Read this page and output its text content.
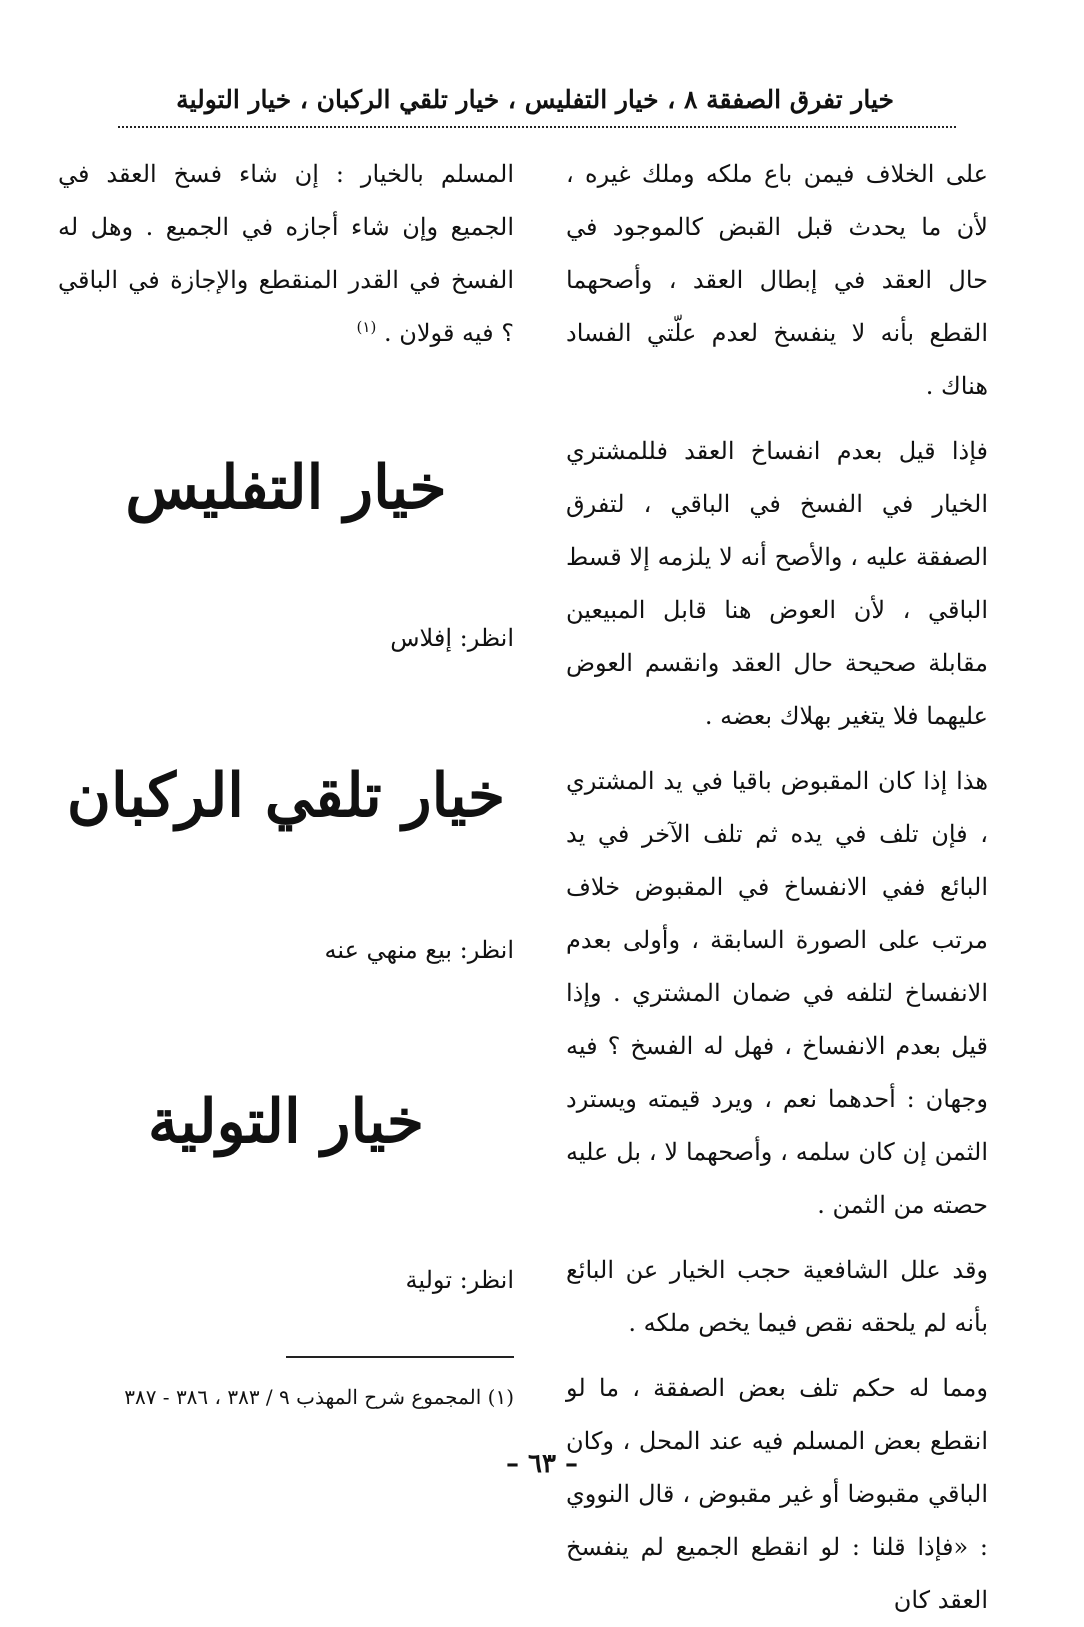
خيار تفرق الصفقة ٨ ، خيار التفليس ، خيار تلقي الركبان ، خيار التولية

على الخلاف فيمن باع ملكه وملك غيره ، لأن ما يحدث قبل القبض كالموجود في حال العقد في إبطال العقد ، وأصحهما القطع بأنه لا ينفسخ لعدم علّتي الفساد هناك .

فإذا قيل بعدم انفساخ العقد فللمشتري الخيار في الفسخ في الباقي ، لتفرق الصفقة عليه ، والأصح أنه لا يلزمه إلا قسط الباقي ، لأن العوض هنا قابل المبيعين مقابلة صحيحة حال العقد وانقسم العوض عليهما فلا يتغير بهلاك بعضه .

هذا إذا كان المقبوض باقيا في يد المشتري ، فإن تلف في يده ثم تلف الآخر في يد البائع ففي الانفساخ في المقبوض خلاف مرتب على الصورة السابقة ، وأولى بعدم الانفساخ لتلفه في ضمان المشتري . وإذا قيل بعدم الانفساخ ، فهل له الفسخ ؟ فيه وجهان : أحدهما نعم ، ويرد قيمته ويسترد الثمن إن كان سلمه ، وأصحهما لا ، بل عليه حصته من الثمن .

وقد علل الشافعية حجب الخيار عن البائع بأنه لم يلحقه نقص فيما يخص ملكه .

ومما له حكم تلف بعض الصفقة ، ما لو انقطع بعض المسلم فيه عند المحل ، وكان الباقي مقبوضا أو غير مقبوض ، قال النووي : «فإذا قلنا : لو انقطع الجميع لم ينفسخ العقد كان

المسلم بالخيار : إن شاء فسخ العقد في الجميع وإن شاء أجازه في الجميع . وهل له الفسخ في القدر المنقطع والإجازة في الباقي ؟ فيه قولان . $^{(١)}$

خيار التفليس
انظر: إفلاس
خيار تلقي الركبان
انظر: بيع منهي عنه
خيار التولية
انظر: تولية
(١) المجموع شرح المهذب ٩ / ٣٨٣ ، ٣٨٦ - ٣٨٧
– ٦٣ –
